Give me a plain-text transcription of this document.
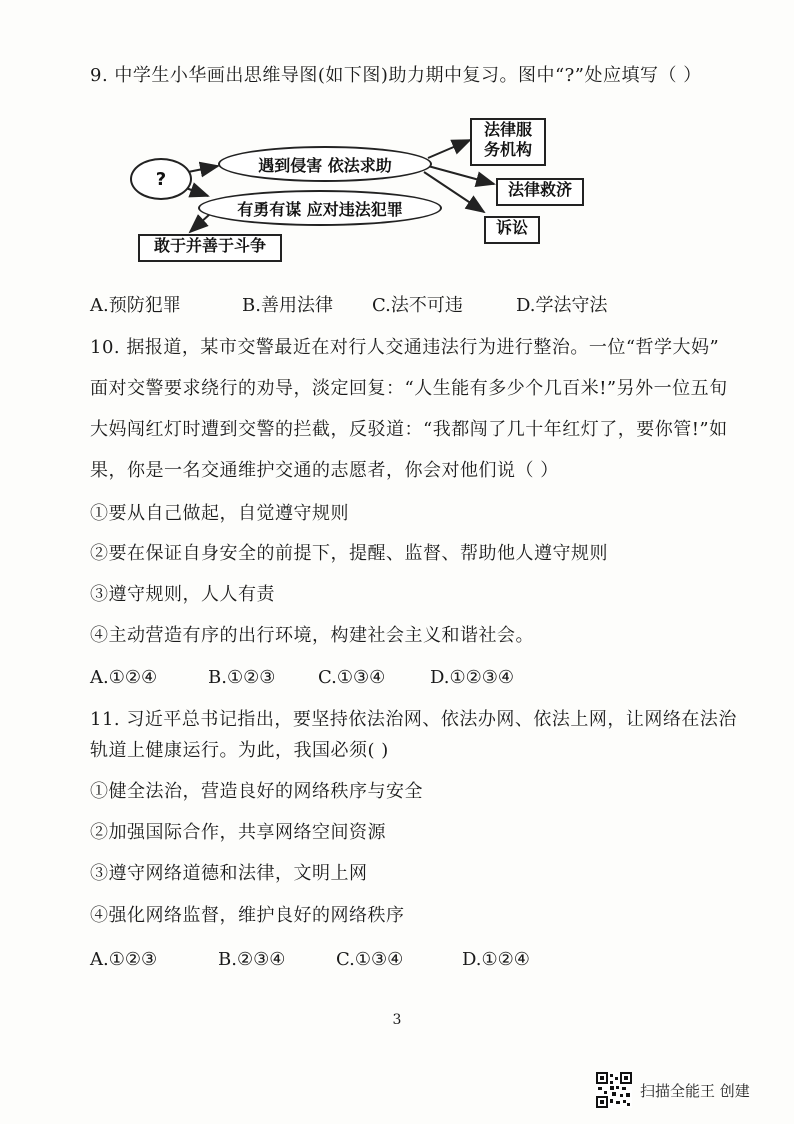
9. 中学生小华画出思维导图(如下图)助力期中复习。图中“?”处应填写（ ）
?
遇到侵害 依法求助
有勇有谋 应对违法犯罪
法律服
务机构
法律救济
诉讼
敢于并善于斗争
A.预防犯罪	B.善用法律 C.法不可违	D.学法守法
10. 据报道，某市交警最近在对行人交通违法行为进行整治。一位“哲学大妈”
面对交警要求绕行的劝导，淡定回复：“人生能有多少个几百米!”另外一位五旬
大妈闯红灯时遭到交警的拦截，反驳道：“我都闯了几十年红灯了，要你管!”如
果，你是一名交通维护交通的志愿者，你会对他们说（ ）
①要从自己做起，自觉遵守规则
②要在保证自身安全的前提下，提醒、监督、帮助他人遵守规则
③遵守规则，人人有责
④主动营造有序的出行环境，构建社会主义和谐社会。
A.①②④	B.①②③ C.①③④ D.①②③④
11. 习近平总书记指出，要坚持依法治网、依法办网、依法上网，让网络在法治
轨道上健康运行。为此，我国必须( )
①健全法治，营造良好的网络秩序与安全
②加强国际合作，共享网络空间资源
③遵守网络道德和法律，文明上网
④强化网络监督，维护良好的网络秩序
A.①②③	B.②③④	C.①③④	D.①②④
3
扫描全能王 创建
